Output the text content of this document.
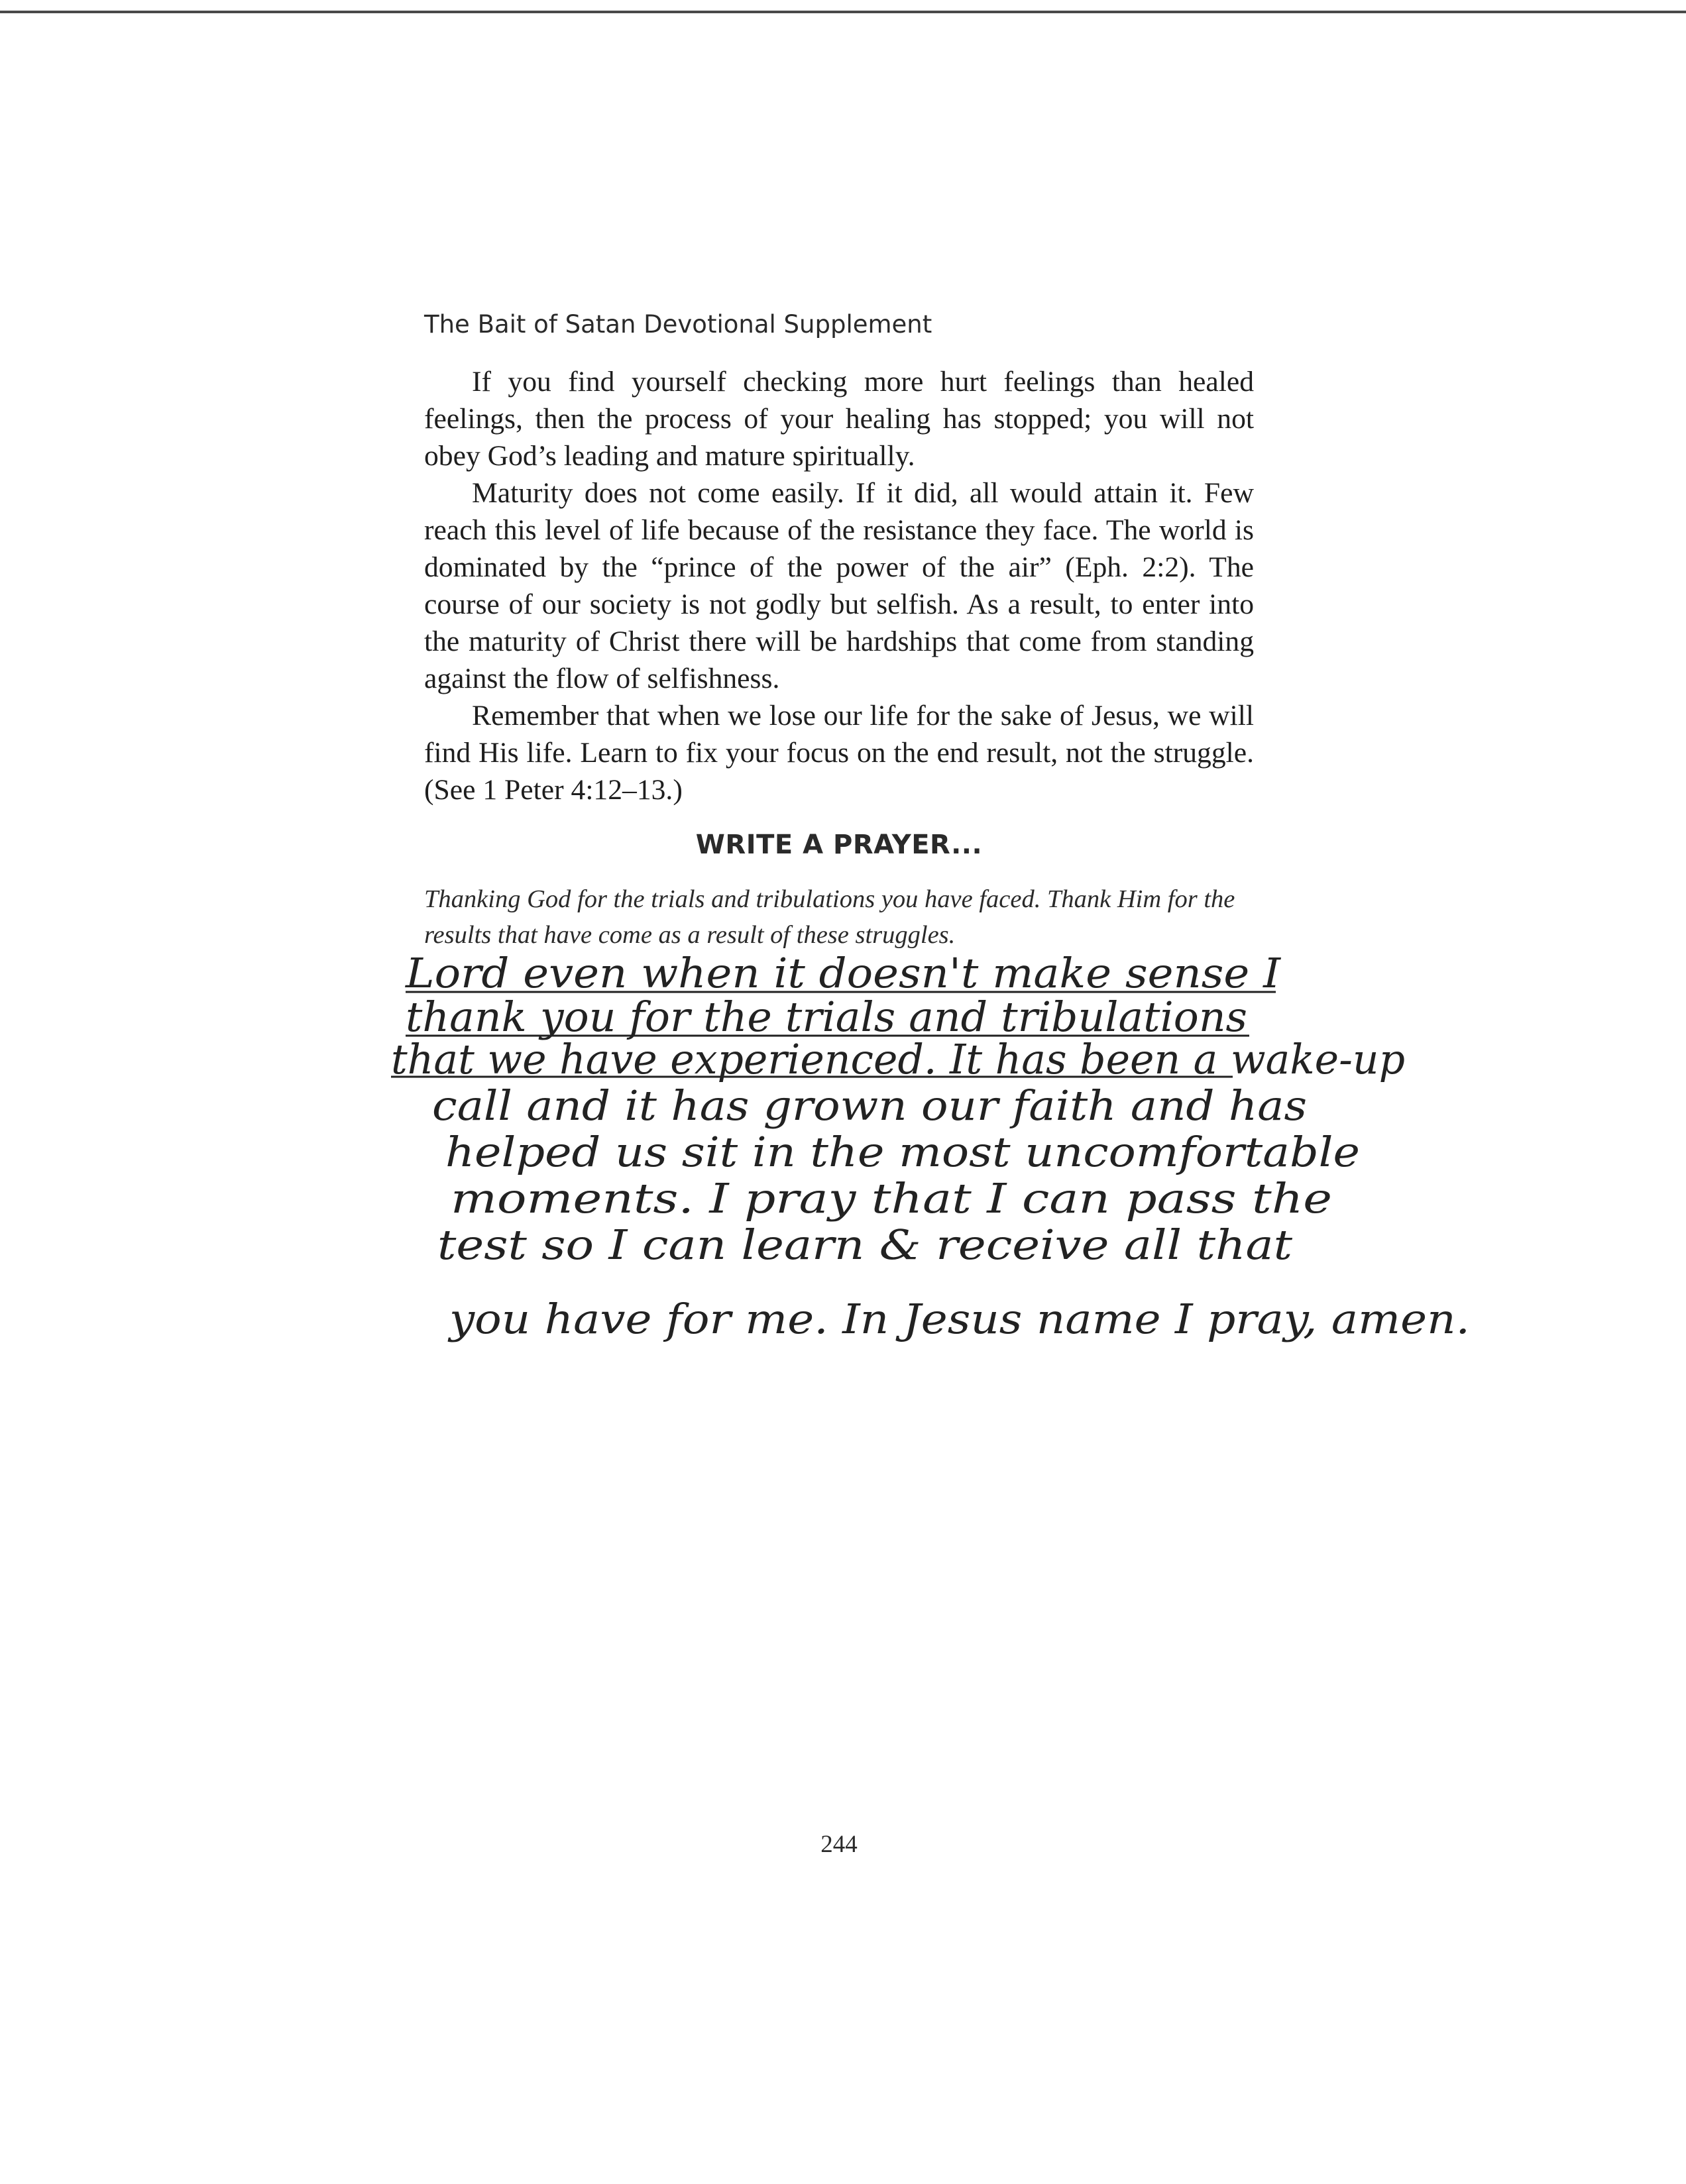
The Bait of Satan Devotional Supplement

If you find yourself checking more hurt feelings than healed feelings, then the process of your healing has stopped; you will not obey God’s leading and mature spiritually.

Maturity does not come easily. If it did, all would attain it. Few reach this level of life because of the resistance they face. The world is dominated by the “prince of the power of the air” (Eph. 2:2). The course of our society is not godly but selfish. As a result, to enter into the maturity of Christ there will be hardships that come from standing against the flow of selfishness.

Remember that when we lose our life for the sake of Jesus, we will find His life. Learn to fix your focus on the end result, not the struggle. (See 1 Peter 4:12–13.)

WRITE A PRAYER...

Thanking God for the trials and tribulations you have faced. Thank Him for the results that have come as a result of these struggles.

Lord even when it doesn't make sense I
thank you for the trials and tribulations
that we have experienced. It has been a wake-up
call and it has grown our faith and has
helped us sit in the most uncomfortable
moments. I pray that I can pass the
test so I can learn & receive all that
you have for me. In Jesus name I pray, amen.
244
